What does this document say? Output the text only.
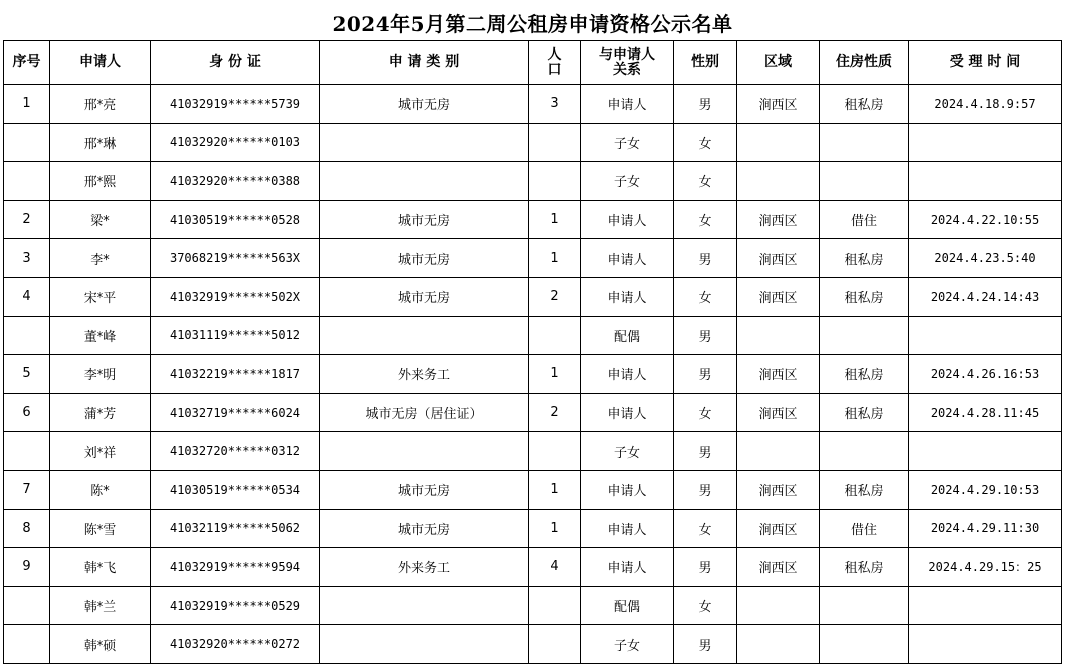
2024年5月第二周公租房申请资格公示名单
序号	申请人	身 份 证	申 请 类 别	人口	与申请人关系	性别	区域	住房性质	受 理 时 间
1	邢*亮	41032919******5739	城市无房	3	申请人	男	涧西区	租私房	2024.4.18.9:57
	邢*琳	41032920******0103			子女	女			
	邢*熙	41032920******0388			子女	女			
2	梁*	41030519******0528	城市无房	1	申请人	女	涧西区	借住	2024.4.22.10:55
3	李*	37068219******563X	城市无房	1	申请人	男	涧西区	租私房	2024.4.23.5:40
4	宋*平	41032919******502X	城市无房	2	申请人	女	涧西区	租私房	2024.4.24.14:43
	董*峰	41031119******5012			配偶	男			
5	李*明	41032219******1817	外来务工	1	申请人	男	涧西区	租私房	2024.4.26.16:53
6	蒲*芳	41032719******6024	城市无房（居住证）	2	申请人	女	涧西区	租私房	2024.4.28.11:45
	刘*祥	41032720******0312			子女	男			
7	陈*	41030519******0534	城市无房	1	申请人	男	涧西区	租私房	2024.4.29.10:53
8	陈*雪	41032119******5062	城市无房	1	申请人	女	涧西区	借住	2024.4.29.11:30
9	韩*飞	41032919******9594	外来务工	4	申请人	男	涧西区	租私房	2024.4.29.15：25
	韩*兰	41032919******0529			配偶	女			
	韩*硕	41032920******0272			子女	男			
